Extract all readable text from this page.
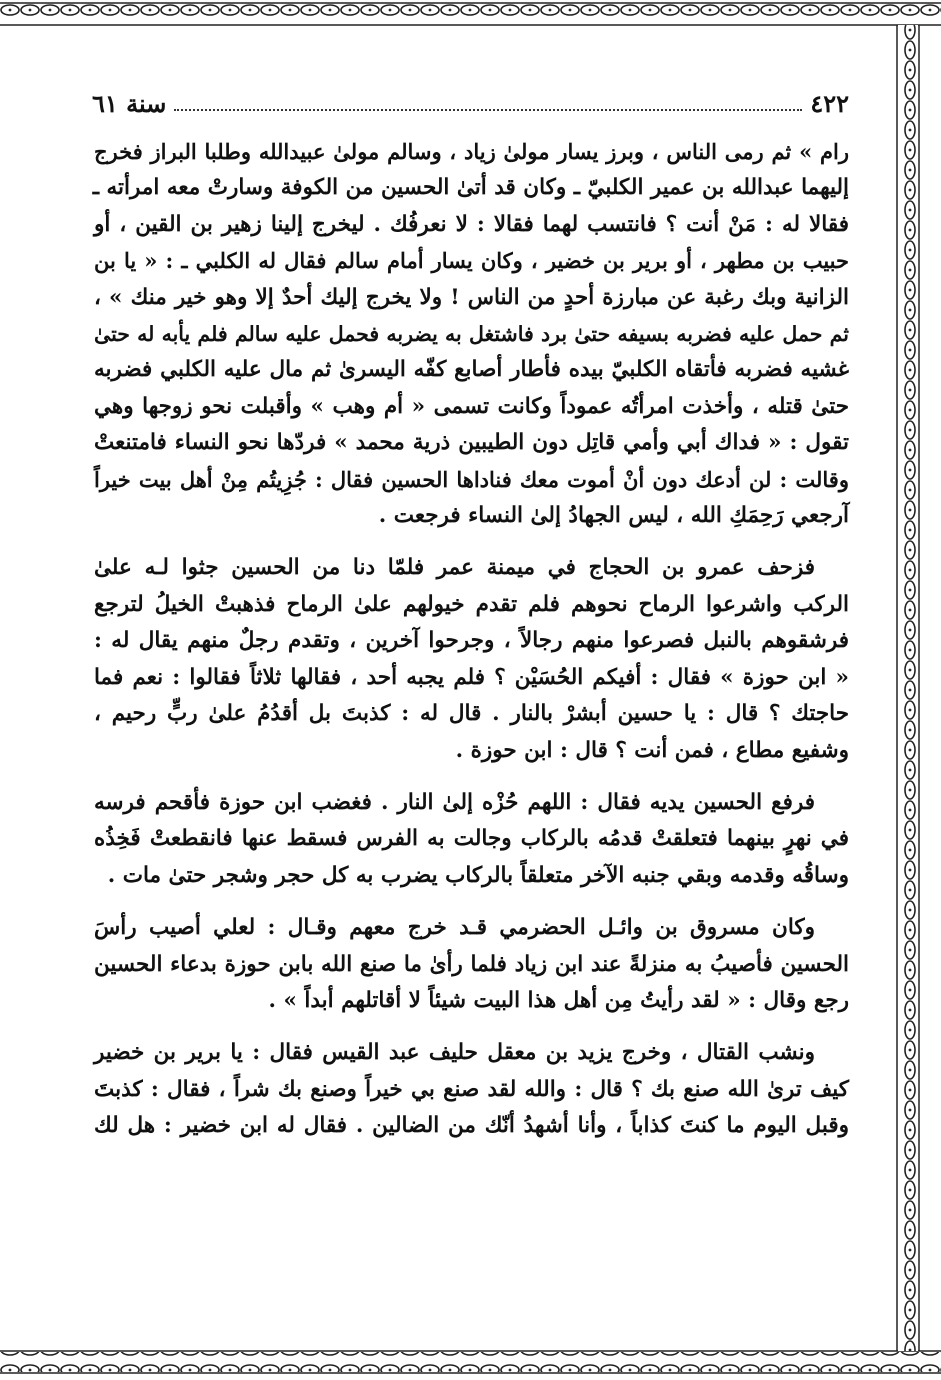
٤٢٢
سنة ٦١
رام » ثم رمى الناس ، وبرز يسار مولىٰ زياد ، وسالم مولىٰ عبيدالله وطلبا البراز فخرج
إليهما عبدالله بن عمير الكلبيّ ـ وكان قد أتىٰ الحسين من الكوفة وسارتْ معه امرأته ـ
فقالا له : مَنْ أنت ؟ فانتسب لهما فقالا : لا نعرفُك . ليخرج إلينا زهير بن القين ، أو
حبيب بن مطهر ، أو برير بن خضير ، وكان يسار أمام سالم فقال له الكلبي ـ : « يا بن
الزانية وبك رغبة عن مبارزة أحدٍ من الناس ! ولا يخرج إليك أحدٌ إلا وهو خير منك » ،
ثم حمل عليه فضربه بسيفه حتىٰ برد فاشتغل به يضربه فحمل عليه سالم فلم يأبه له حتىٰ
غشيه فضربه فأتقاه الكلبيّ بيده فأطار أصابع كفّه اليسرىٰ ثم مال عليه الكلبي فضربه
حتىٰ قتله ، وأخذت امرأتُه عموداً وكانت تسمى « أم وهب » وأقبلت نحو زوجها وهي
تقول : « فداك أبي وأمي قاتِل دون الطيبين ذرية محمد » فردّها نحو النساء فامتنعتْ
وقالت : لن أدعك دون أنْ أموت معك فناداها الحسين فقال : جُزِيتُم مِنْ أهل بيت خيراً
آرجعي رَحِمَكِ الله ، ليس الجهادُ إلىٰ النساء فرجعت .
فزحف عمرو بن الحجاج في ميمنة عمر فلمّا دنا من الحسين جثوا لـه علىٰ
الركب واشرعوا الرماح نحوهم فلم تقدم خيولهم علىٰ الرماح فذهبتْ الخيلُ لترجع
فرشقوهم بالنبل فصرعوا منهم رجالاً ، وجرحوا آخرين ، وتقدم رجلٌ منهم يقال له :
« ابن حوزة » فقال : أفيكم الحُسَيْن ؟ فلم يجبه أحد ، فقالها ثلاثاً فقالوا : نعم فما
حاجتك ؟ قال : يا حسين أبشرْ بالنار . قال له : كذبتَ بل أقدُمُ علىٰ ربٍّ رحيم ،
وشفيع مطاع ، فمن أنت ؟ قال : ابن حوزة .
فرفع الحسين يديه فقال : اللهم حُزْه إلىٰ النار . فغضب ابن حوزة فأقحم فرسه
في نهرٍ بينهما فتعلقتْ قدمُه بالركاب وجالت به الفرس فسقط عنها فانقطعتْ فَخِذُه
وساقُه وقدمه وبقي جنبه الآخر متعلقاً بالركاب يضرب به كل حجر وشجر حتىٰ مات .
وكان مسروق بن وائـل الحضرمي قـد خرج معهم وقـال : لعلي أصيب رأسَ
الحسين فأصيبُ به منزلةً عند ابن زياد فلما رأىٰ ما صنع الله بابن حوزة بدعاء الحسين
رجع وقال : « لقد رأيتُ مِن أهل هذا البيت شيئاً لا أقاتلهم أبداً » .
ونشب القتال ، وخرج يزيد بن معقل حليف عبد القيس فقال : يا برير بن خضير
كيف ترىٰ الله صنع بك ؟ قال : والله لقد صنع بي خيراً وصنع بك شراً ، فقال : كذبتَ
وقبل اليوم ما كنتَ كذاباً ، وأنا أشهدُ أنّك من الضالين . فقال له ابن خضير : هل لك
